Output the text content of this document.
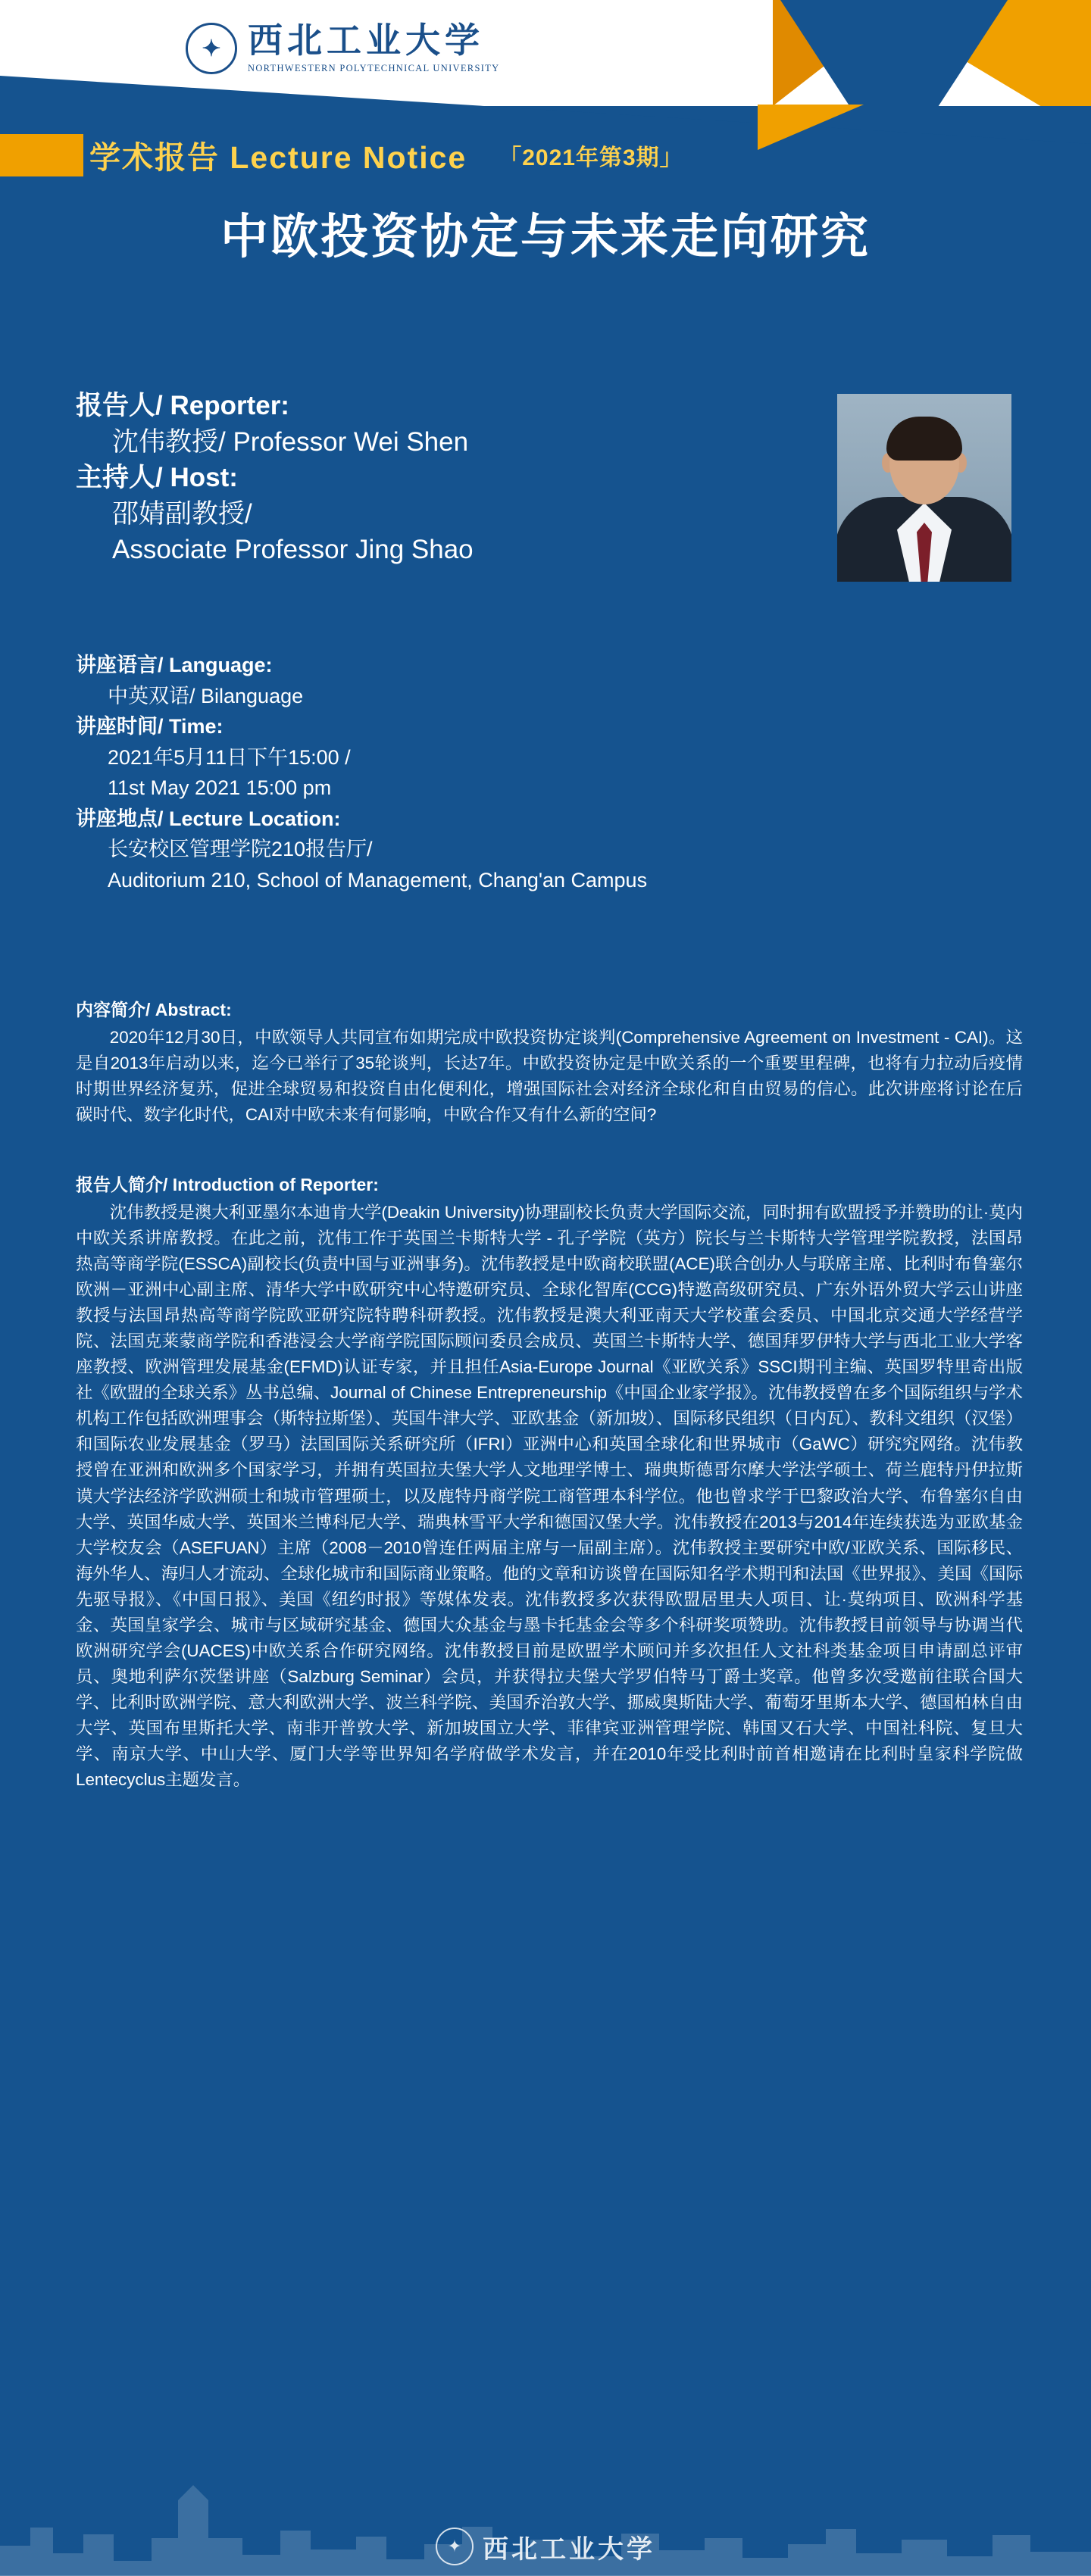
✦ 西北工业大学
NORTHWESTERN POLYTECHNICAL UNIVERSITY
学术报告 Lecture Notice 「2021年第3期」
中欧投资协定与未来走向研究
报告人/ Reporter:
沈伟教授/ Professor Wei Shen
主持人/ Host:
邵婧副教授/
Associate Professor Jing Shao
讲座语言/ Language:
中英双语/ Bilanguage
讲座时间/ Time:
2021年5月11日下午15:00 /
11st May 2021 15:00 pm
讲座地点/ Lecture Location:
长安校区管理学院210报告厅/
Auditorium 210, School of Management, Chang'an Campus
内容简介/ Abstract:
2020年12月30日，中欧领导人共同宣布如期完成中欧投资协定谈判(Comprehensive Agreement on Investment - CAI)。这是自2013年启动以来，迄今已举行了35轮谈判，长达7年。中欧投资协定是中欧关系的一个重要里程碑，也将有力拉动后疫情时期世界经济复苏，促进全球贸易和投资自由化便利化，增强国际社会对经济全球化和自由贸易的信心。此次讲座将讨论在后碳时代、数字化时代，CAI对中欧未来有何影响，中欧合作又有什么新的空间?
报告人简介/ Introduction of Reporter:
沈伟教授是澳大利亚墨尔本迪肯大学(Deakin University)协理副校长负责大学国际交流，同时拥有欧盟授予并赞助的让·莫内中欧关系讲席教授。在此之前，沈伟工作于英国兰卡斯特大学 - 孔子学院（英方）院长与兰卡斯特大学管理学院教授，法国昂热高等商学院(ESSCA)副校长(负责中国与亚洲事务)。沈伟教授是中欧商校联盟(ACE)联合创办人与联席主席、比利时布鲁塞尔欧洲－亚洲中心副主席、清华大学中欧研究中心特邀研究员、全球化智库(CCG)特邀高级研究员、广东外语外贸大学云山讲座教授与法国昂热高等商学院欧亚研究院特聘科研教授。沈伟教授是澳大利亚南天大学校董会委员、中国北京交通大学经营学院、法国克莱蒙商学院和香港浸会大学商学院国际顾问委员会成员、英国兰卡斯特大学、德国拜罗伊特大学与西北工业大学客座教授、欧洲管理发展基金(EFMD)认证专家，并且担任Asia-Europe Journal《亚欧关系》SSCI期刊主编、英国罗特里奇出版社《欧盟的全球关系》丛书总编、Journal of Chinese Entrepreneurship《中国企业家学报》。沈伟教授曾在多个国际组织与学术机构工作包括欧洲理事会（斯特拉斯堡）、英国牛津大学、亚欧基金（新加坡）、国际移民组织（日内瓦）、教科文组织（汉堡）和国际农业发展基金（罗马）法国国际关系研究所（IFRI）亚洲中心和英国全球化和世界城市（GaWC）研究究网络。沈伟教授曾在亚洲和欧洲多个国家学习，并拥有英国拉夫堡大学人文地理学博士、瑞典斯德哥尔摩大学法学硕士、荷兰鹿特丹伊拉斯谟大学法经济学欧洲硕士和城市管理硕士，以及鹿特丹商学院工商管理本科学位。他也曾求学于巴黎政治大学、布鲁塞尔自由大学、英国华威大学、英国米兰博科尼大学、瑞典林雪平大学和德国汉堡大学。沈伟教授在2013与2014年连续获选为亚欧基金大学校友会（ASEFUAN）主席（2008－2010曾连任两届主席与一届副主席）。沈伟教授主要研究中欧/亚欧关系、国际移民、海外华人、海归人才流动、全球化城市和国际商业策略。他的文章和访谈曾在国际知名学术期刊和法国《世界报》、美国《国际先驱导报》、《中国日报》、美国《纽约时报》等媒体发表。沈伟教授多次获得欧盟居里夫人项目、让·莫纳项目、欧洲科学基金、英国皇家学会、城市与区域研究基金、德国大众基金与墨卡托基金会等多个科研奖项赞助。沈伟教授目前领导与协调当代欧洲研究学会(UACES)中欧关系合作研究网络。沈伟教授目前是欧盟学术顾问并多次担任人文社科类基金项目申请副总评审员、奥地利萨尔茨堡讲座（Salzburg Seminar）会员，并获得拉夫堡大学罗伯特马丁爵士奖章。他曾多次受邀前往联合国大学、比利时欧洲学院、意大利欧洲大学、波兰科学院、美国乔治敦大学、挪威奥斯陆大学、葡萄牙里斯本大学、德国柏林自由大学、英国布里斯托大学、南非开普敦大学、新加坡国立大学、菲律宾亚洲管理学院、韩国又石大学、中国社科院、复旦大学、南京大学、中山大学、厦门大学等世界知名学府做学术发言，并在2010年受比利时前首相邀请在比利时皇家科学院做 Lentecyclus主题发言。
✦ 西北工业大学
